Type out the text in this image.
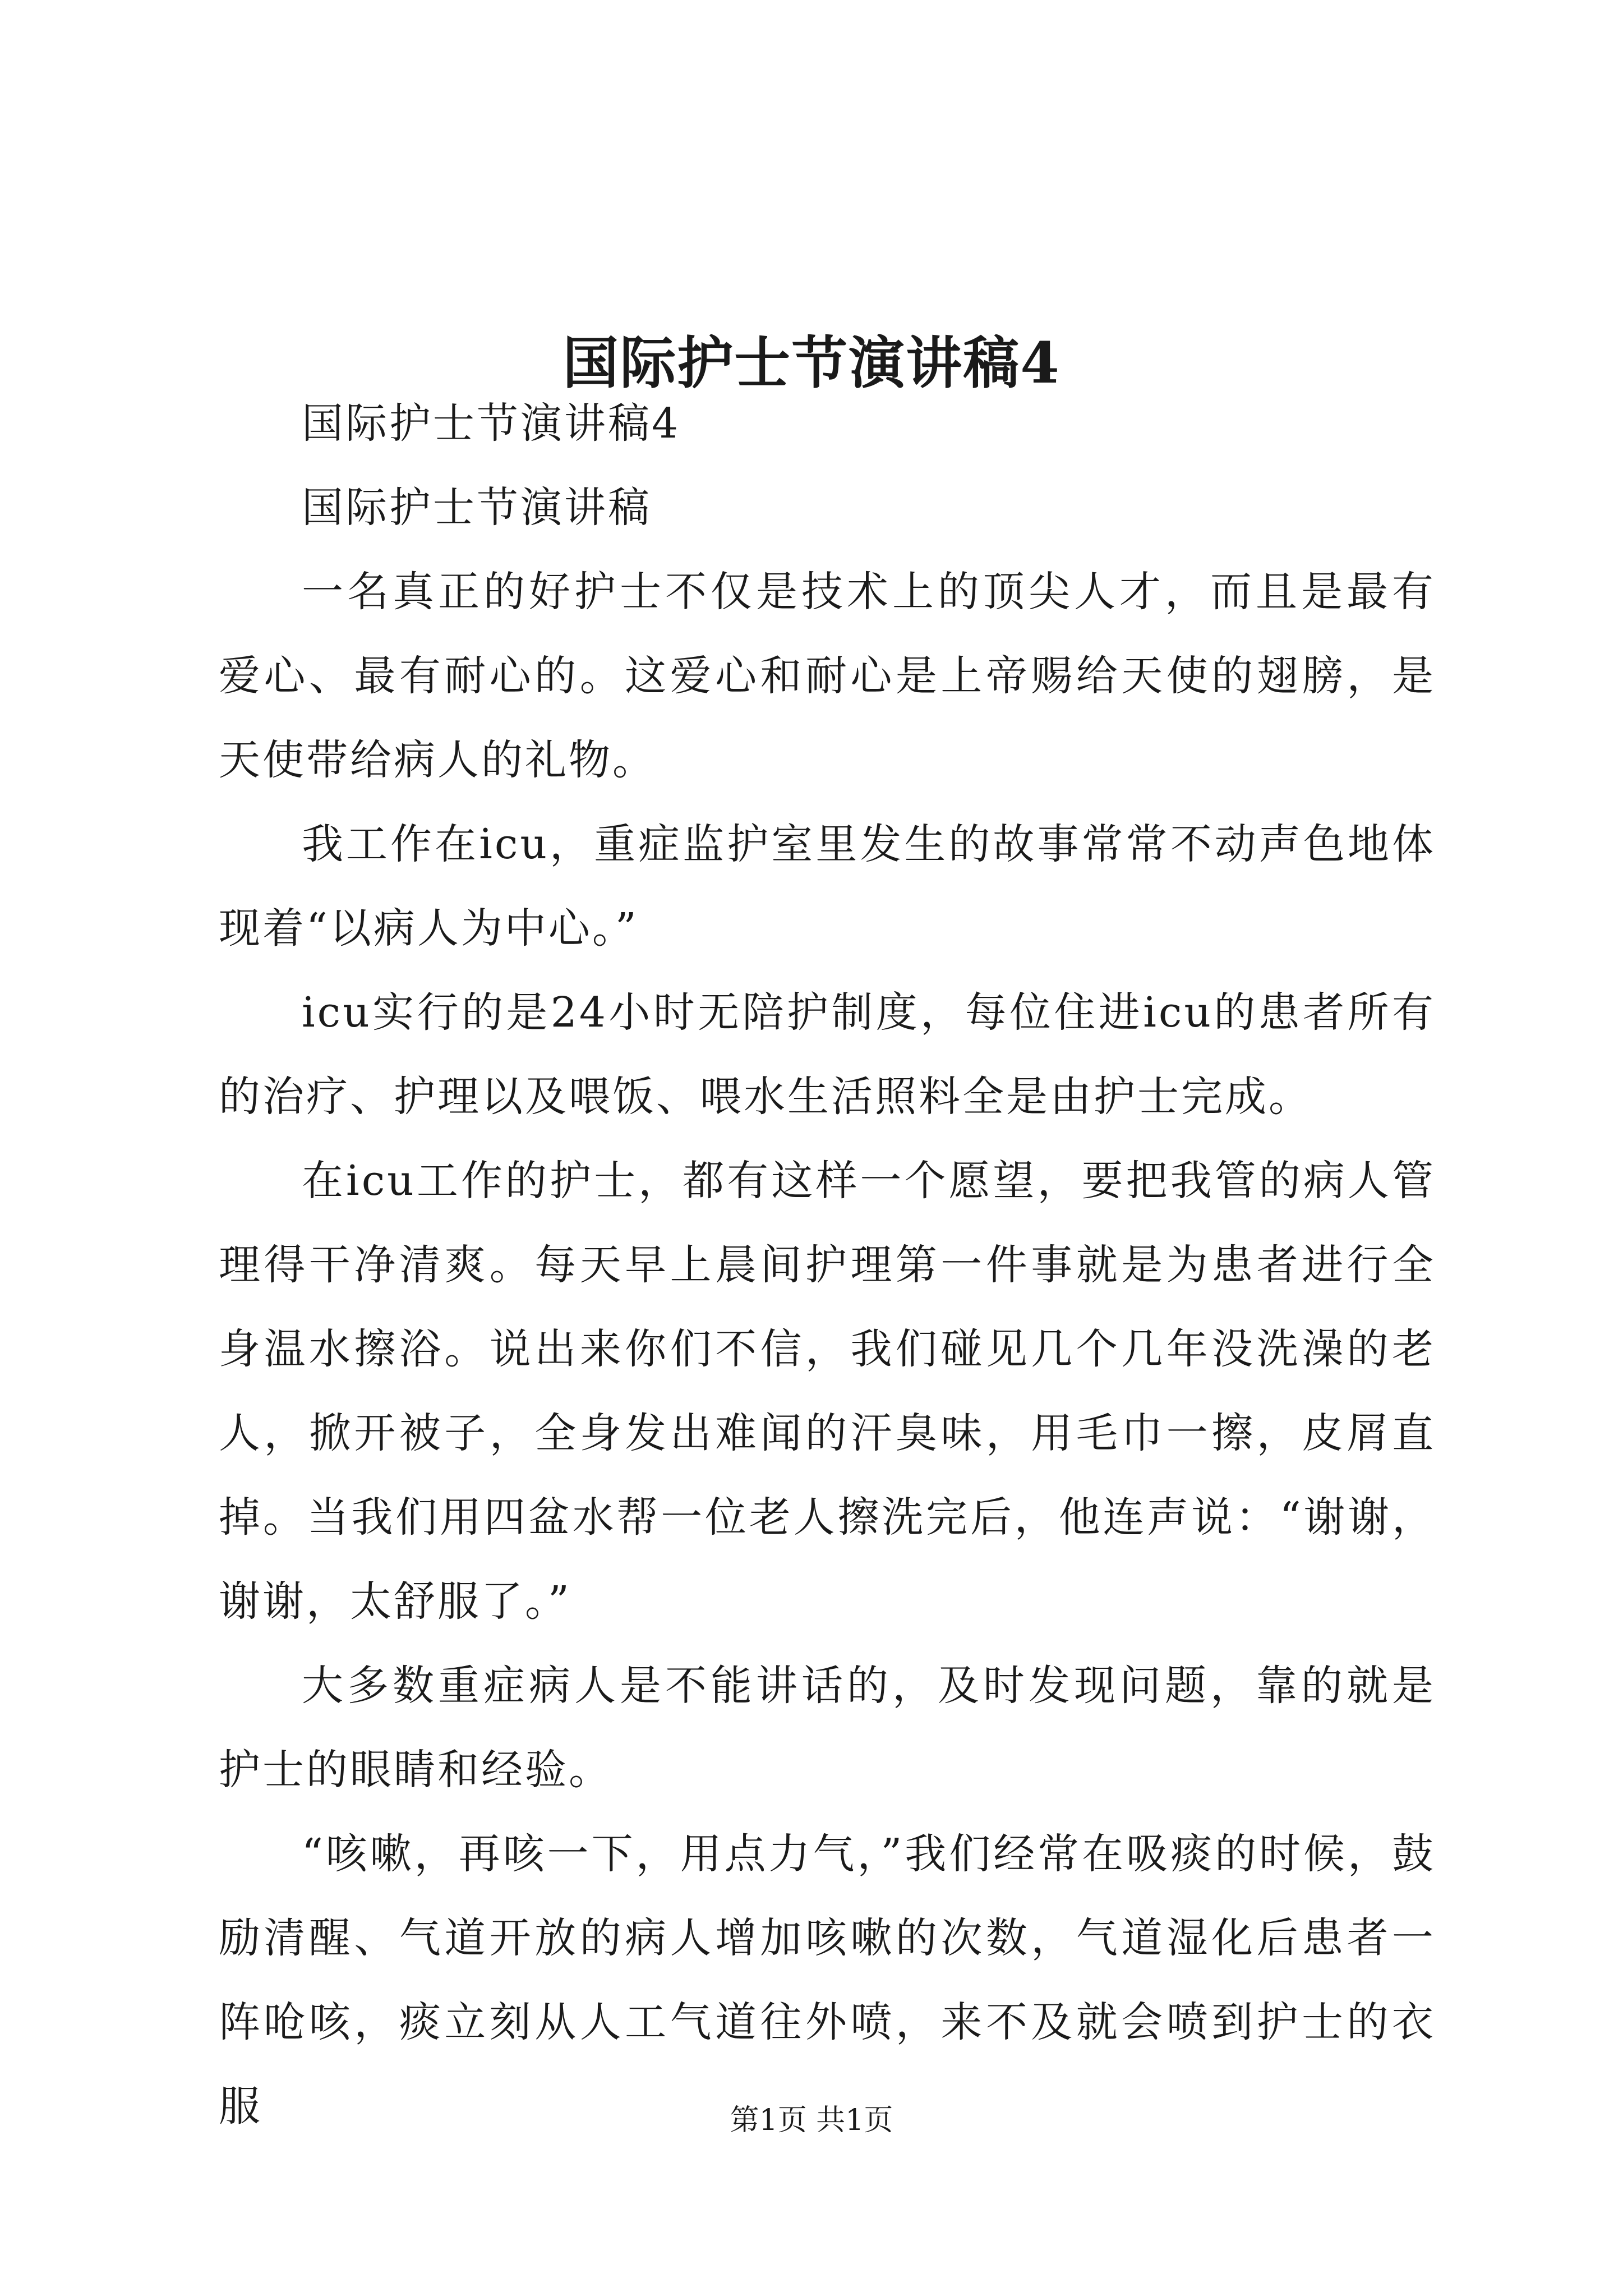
国际护士节演讲稿4

国际护士节演讲稿4

国际护士节演讲稿

一名真正的好护士不仅是技术上的顶尖人才，而且是最有爱心、最有耐心的。这爱心和耐心是上帝赐给天使的翅膀，是天使带给病人的礼物。

我工作在icu，重症监护室里发生的故事常常不动声色地体现着“以病人为中心。”

icu实行的是24小时无陪护制度，每位住进icu的患者所有的治疗、护理以及喂饭、喂水生活照料全是由护士完成。

在icu工作的护士，都有这样一个愿望，要把我管的病人管理得干净清爽。每天早上晨间护理第一件事就是为患者进行全身温水擦浴。说出来你们不信，我们碰见几个几年没洗澡的老人，掀开被子，全身发出难闻的汗臭味，用毛巾一擦，皮屑直掉。当我们用四盆水帮一位老人擦洗完后，他连声说：“谢谢，谢谢，太舒服了。”

大多数重症病人是不能讲话的，及时发现问题，靠的就是护士的眼睛和经验。

“咳嗽，再咳一下，用点力气，”我们经常在吸痰的时候，鼓励清醒、气道开放的病人增加咳嗽的次数，气道湿化后患者一阵呛咳，痰立刻从人工气道往外喷，来不及就会喷到护士的衣服	第1页 共1页
